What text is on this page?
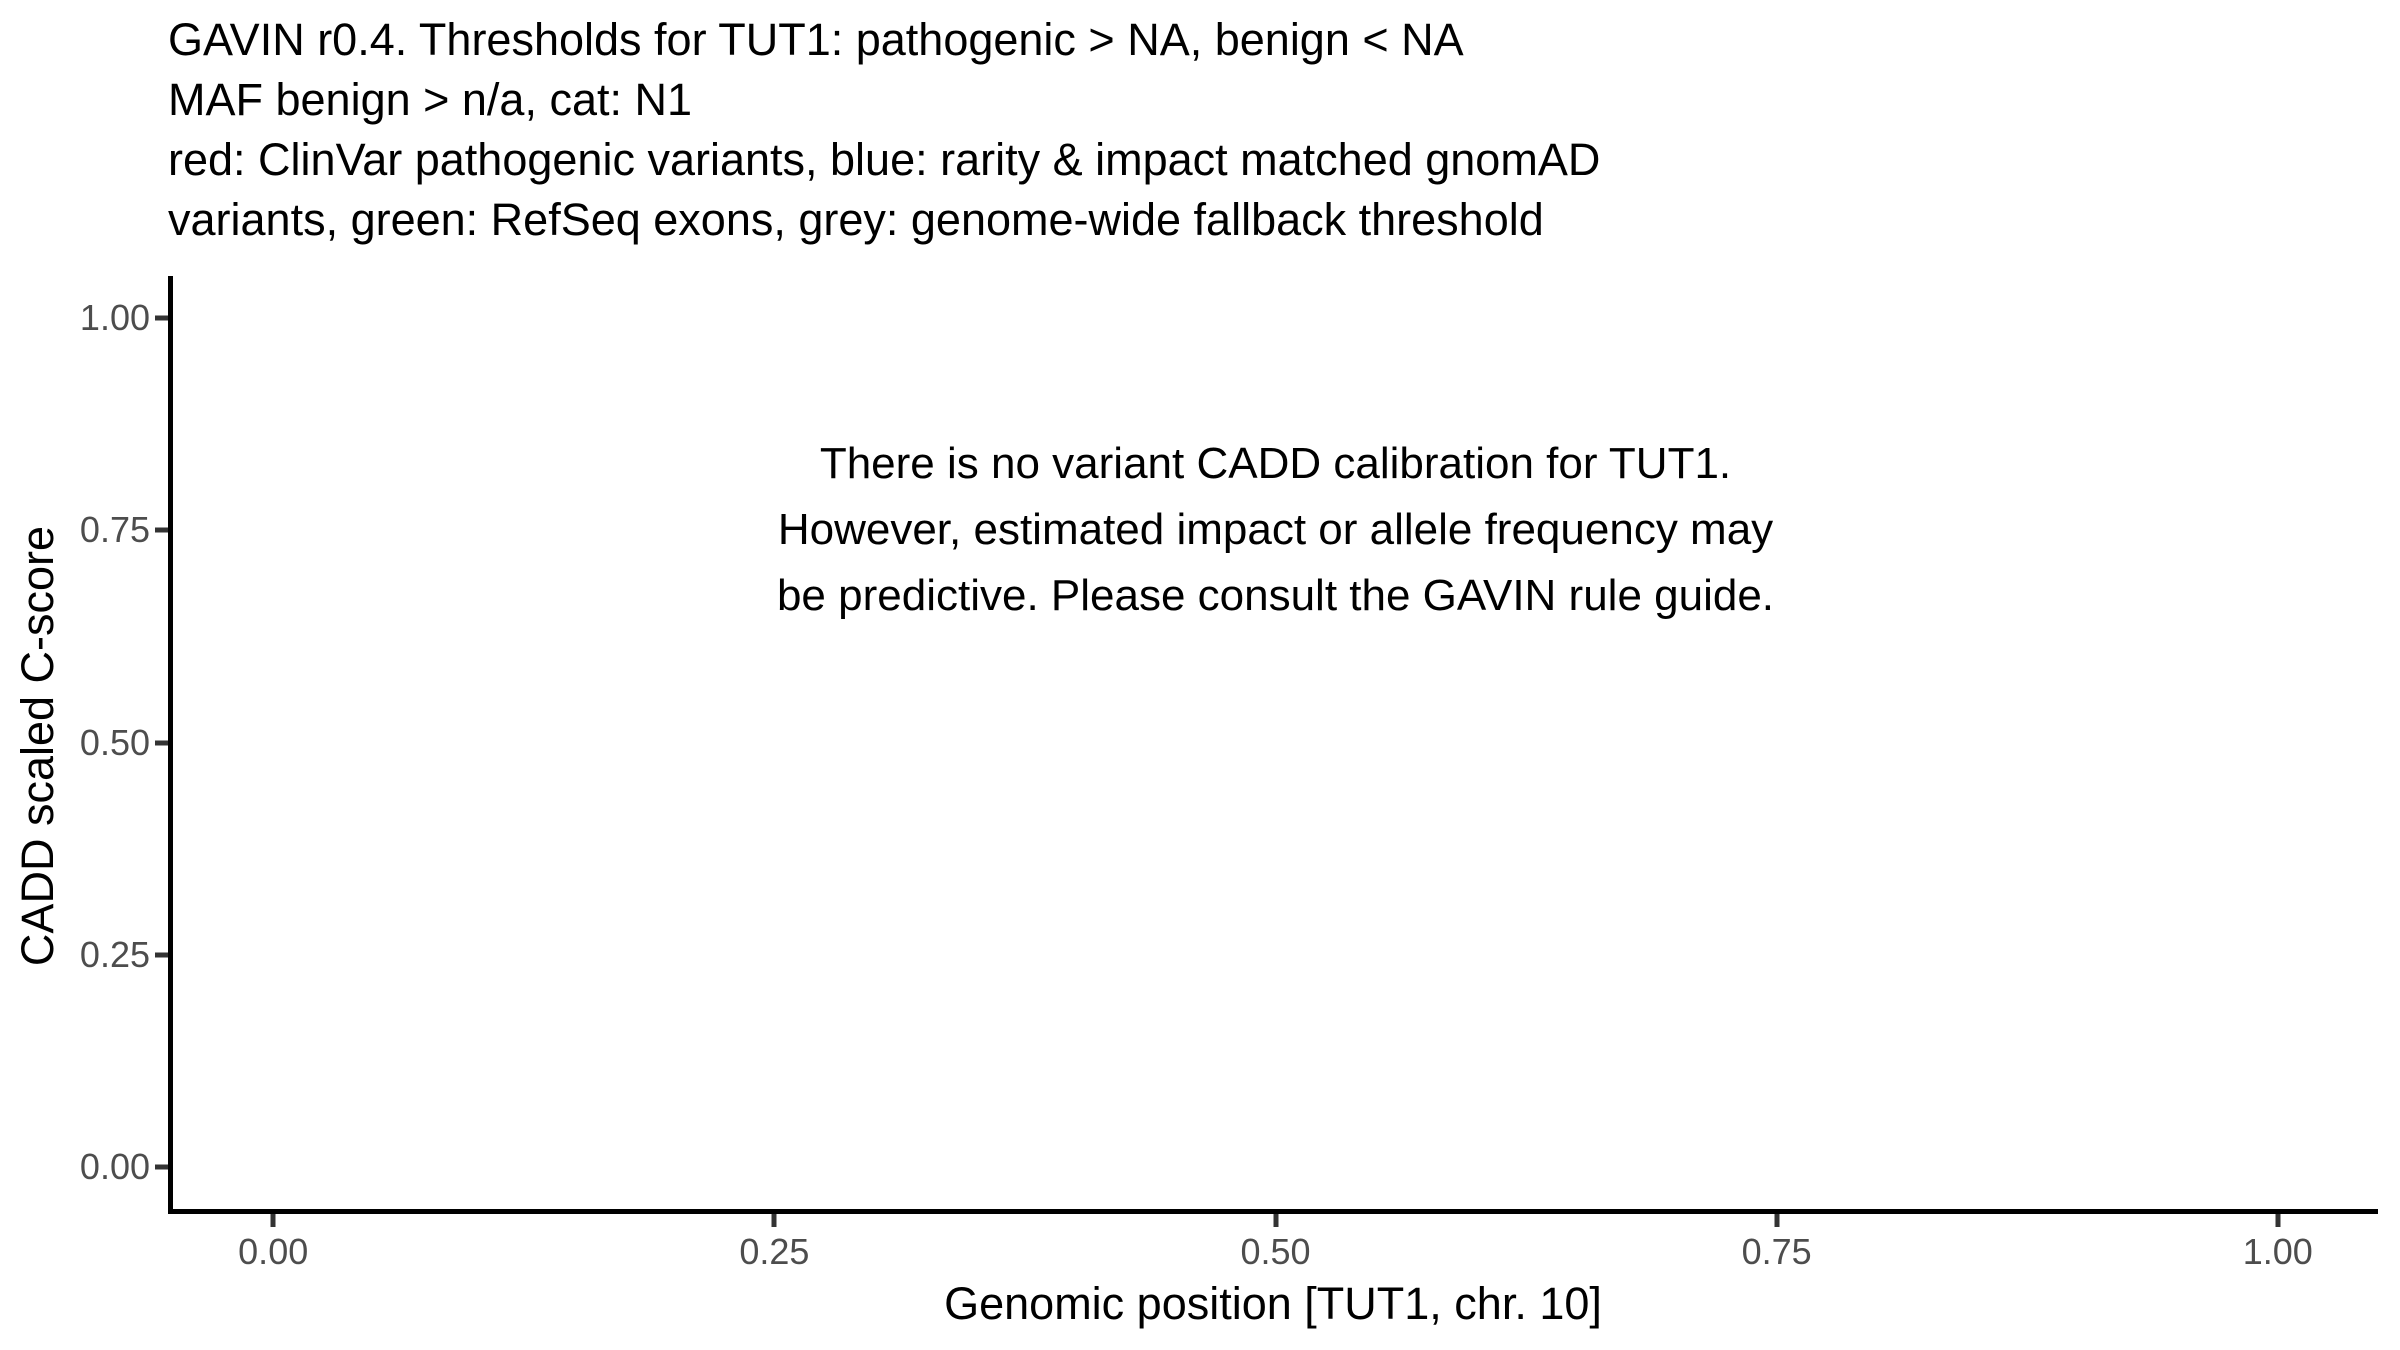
GAVIN r0.4. Thresholds for TUT1: pathogenic > NA, benign < NA
MAF benign > n/a, cat: N1
red: ClinVar pathogenic variants, blue: rarity & impact matched gnomAD
variants, green: RefSeq exons, grey: genome-wide fallback threshold
CADD scaled C-score
There is no variant CADD calibration for TUT1.
However, estimated impact or allele frequency may
be predictive. Please consult the GAVIN rule guide.
0.00	0.25	0.50	0.75	1.00
0.00
0.25
0.50
0.75
1.00
Genomic position [TUT1, chr. 10]
